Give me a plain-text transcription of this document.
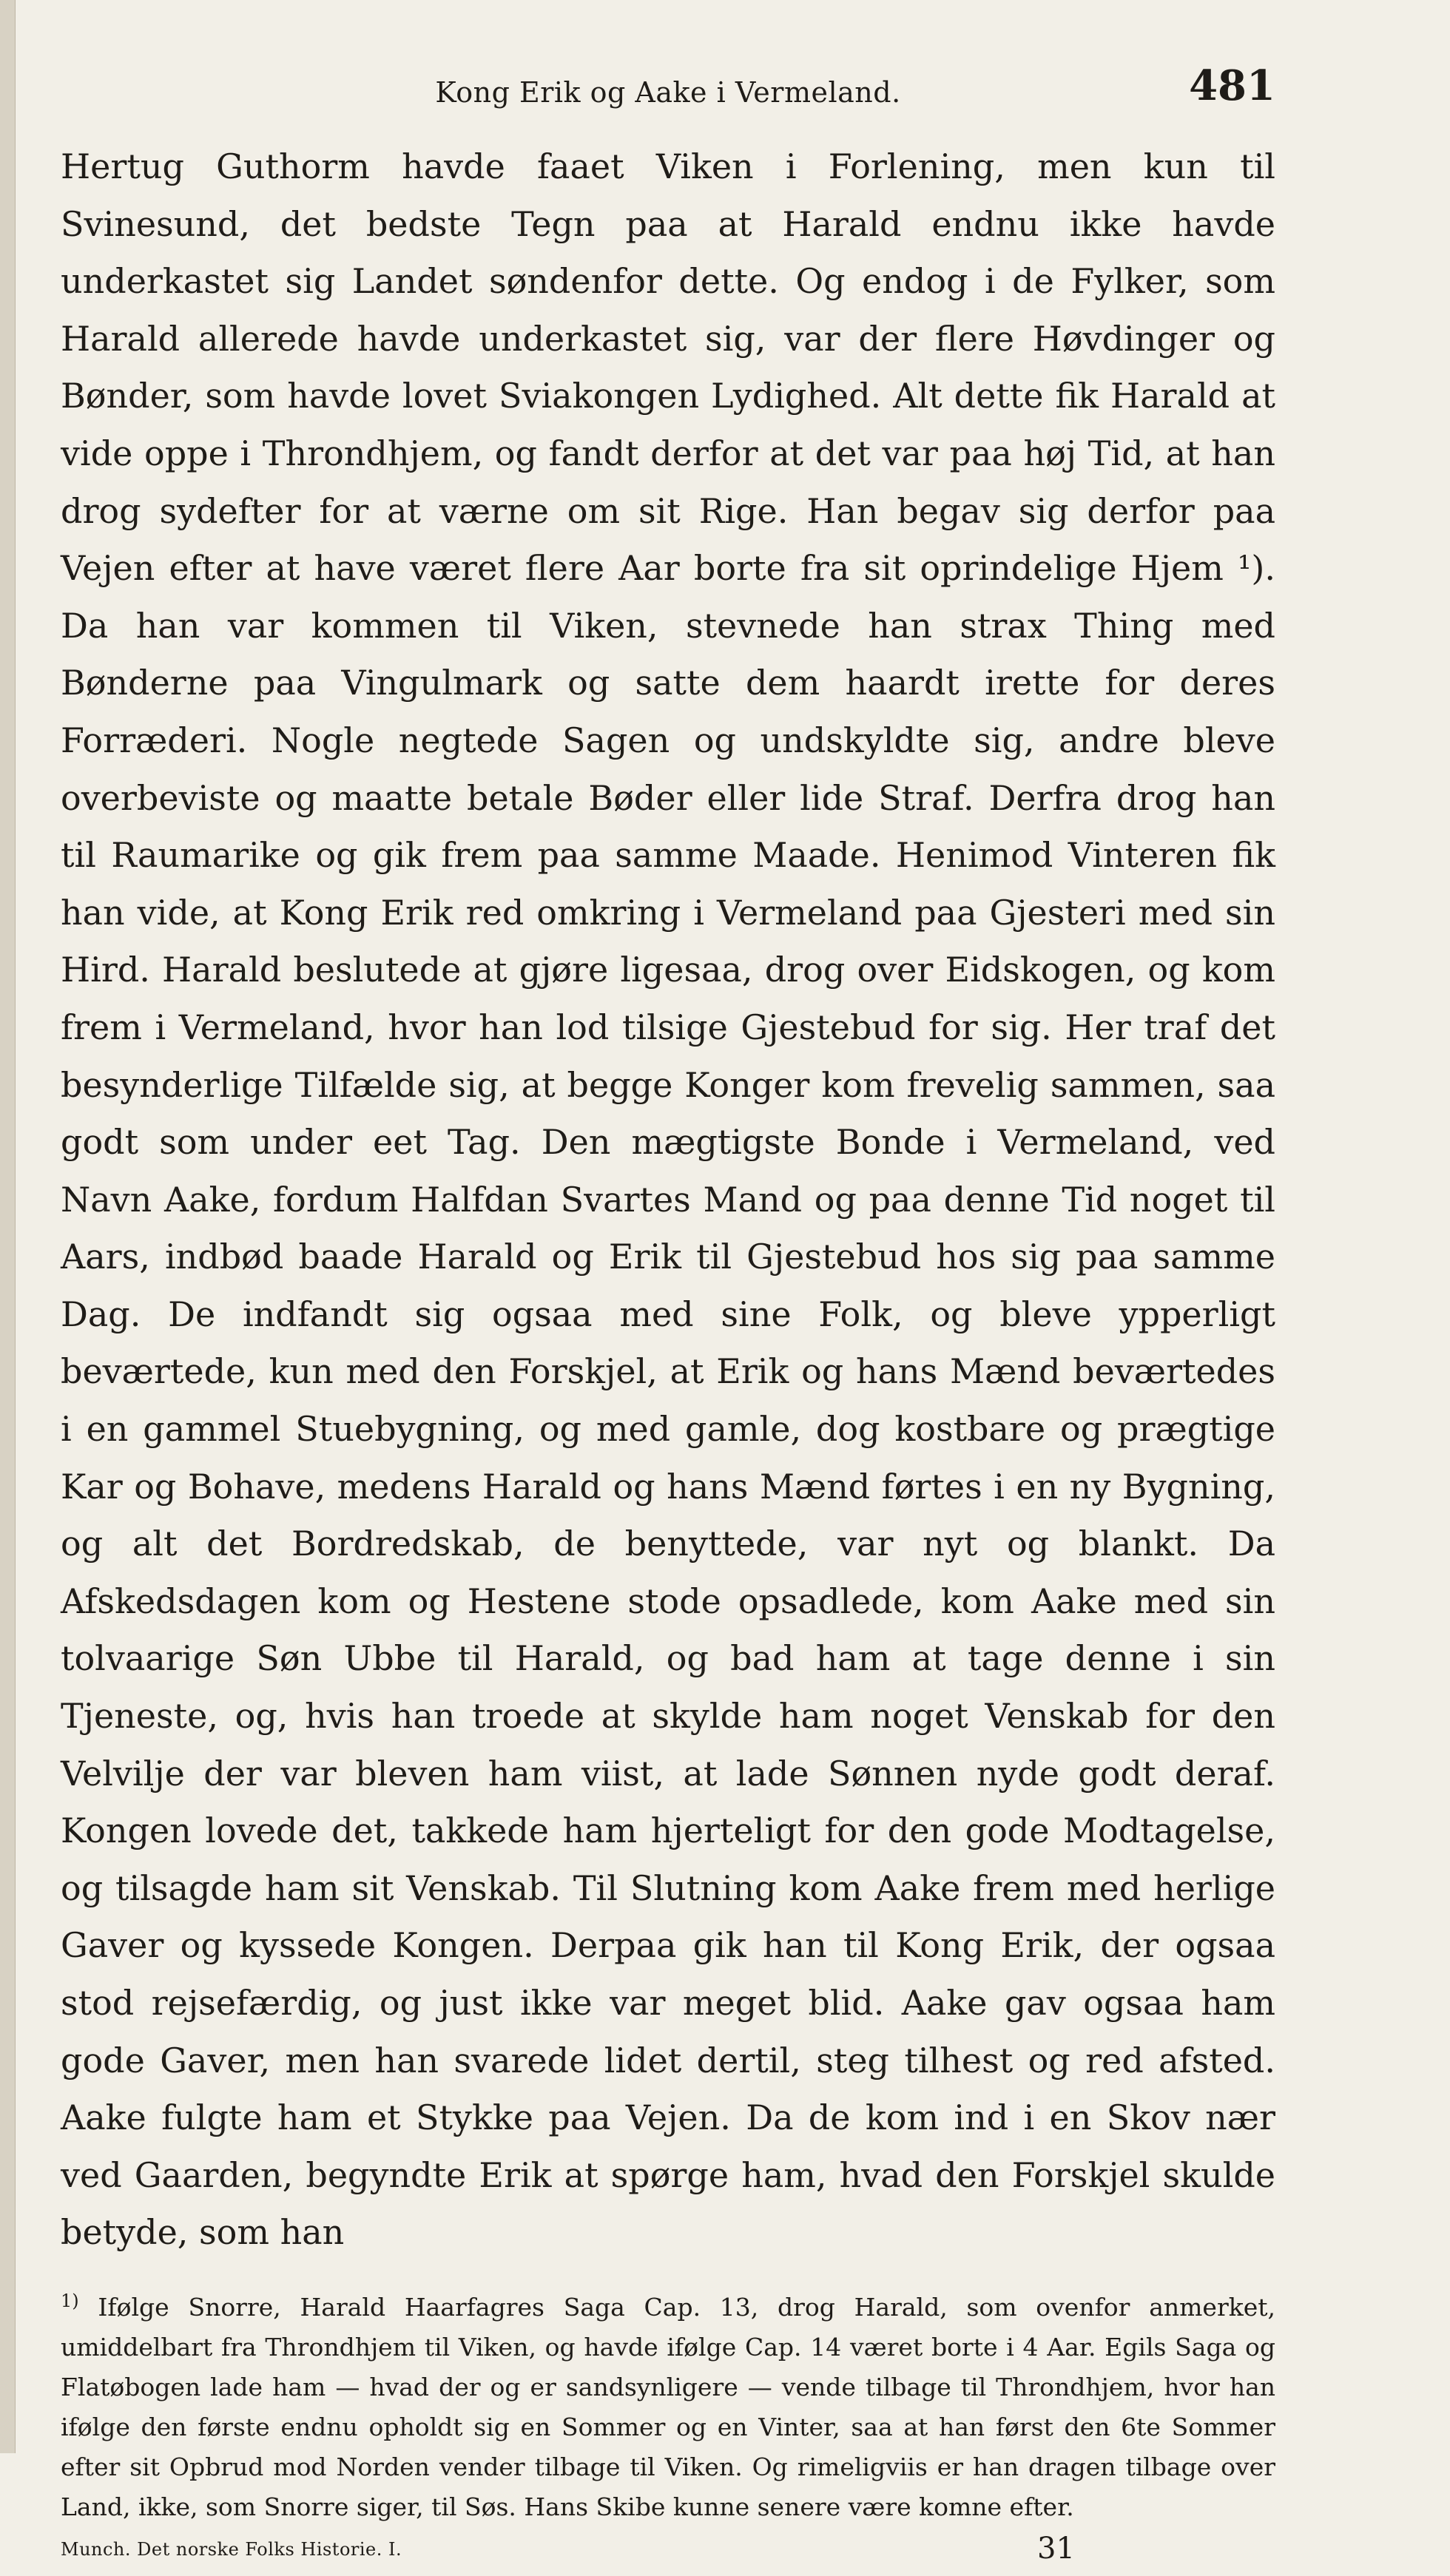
Kong Erik og Aake i Vermeland.	481

Hertug Guthorm havde faaet Viken i Forlening, men kun til Svinesund, det bedste Tegn paa at Harald endnu ikke havde underkastet sig Landet søndenfor dette. Og endog i de Fylker, som Harald allerede havde underkastet sig, var der flere Høvdinger og Bønder, som havde lovet Sviakongen Lydighed. Alt dette fik Harald at vide oppe i Throndhjem, og fandt derfor at det var paa høj Tid, at han drog sydefter for at værne om sit Rige. Han begav sig derfor paa Vejen efter at have været flere Aar borte fra sit oprindelige Hjem ¹). Da han var kommen til Viken, stevnede han strax Thing med Bønderne paa Vingulmark og satte dem haardt irette for deres Forræderi. Nogle negtede Sagen og undskyldte sig, andre bleve overbeviste og maatte betale Bøder eller lide Straf. Derfra drog han til Raumarike og gik frem paa samme Maade. Henimod Vinteren fik han vide, at Kong Erik red omkring i Vermeland paa Gjesteri med sin Hird. Harald beslutede at gjøre ligesaa, drog over Eidskogen, og kom frem i Vermeland, hvor han lod tilsige Gjestebud for sig. Her traf det besynderlige Tilfælde sig, at begge Konger kom frevelig sammen, saa godt som under eet Tag. Den mægtigste Bonde i Vermeland, ved Navn Aake, fordum Halfdan Svartes Mand og paa denne Tid noget til Aars, indbød baade Harald og Erik til Gjestebud hos sig paa samme Dag. De indfandt sig ogsaa med sine Folk, og bleve ypperligt beværtede, kun med den Forskjel, at Erik og hans Mænd beværtedes i en gammel Stuebygning, og med gamle, dog kostbare og prægtige Kar og Bohave, medens Harald og hans Mænd førtes i en ny Bygning, og alt det Bordredskab, de benyttede, var nyt og blankt. Da Afskedsdagen kom og Hestene stode opsadlede, kom Aake med sin tolvaarige Søn Ubbe til Harald, og bad ham at tage denne i sin Tjeneste, og, hvis han troede at skylde ham noget Venskab for den Velvilje der var bleven ham viist, at lade Sønnen nyde godt deraf. Kongen lovede det, takkede ham hjerteligt for den gode Modtagelse, og tilsagde ham sit Venskab. Til Slutning kom Aake frem med herlige Gaver og kyssede Kongen. Derpaa gik han til Kong Erik, der ogsaa stod rejsefærdig, og just ikke var meget blid. Aake gav ogsaa ham gode Gaver, men han svarede lidet dertil, steg tilhest og red afsted. Aake fulgte ham et Stykke paa Vejen. Da de kom ind i en Skov nær ved Gaarden, begyndte Erik at spørge ham, hvad den Forskjel skulde betyde, som han

$^{1)}$ Ifølge Snorre, Harald Haarfagres Saga Cap. 13, drog Harald, som ovenfor anmerket, umiddelbart fra Throndhjem til Viken, og havde ifølge Cap. 14 været borte i 4 Aar. Egils Saga og Flatøbogen lade ham — hvad der og er sandsynligere — vende tilbage til Throndhjem, hvor han ifølge den første endnu opholdt sig en Sommer og en Vinter, saa at han først den 6te Sommer efter sit Opbrud mod Norden vender tilbage til Viken. Og rimeligviis er han dragen tilbage over Land, ikke, som Snorre siger, til Søs. Hans Skibe kunne senere være komne efter.
Munch. Det norske Folks Historie. I.	31
